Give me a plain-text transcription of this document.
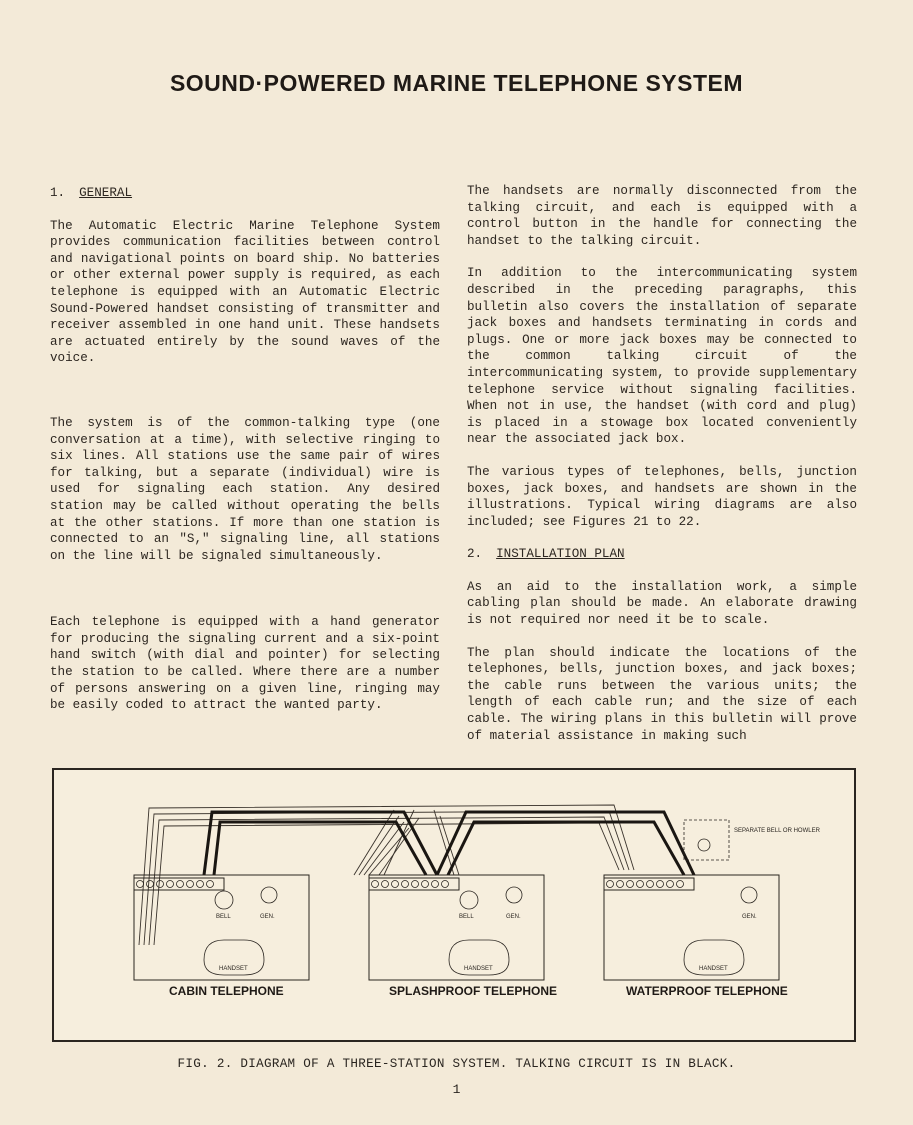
SOUND·POWERED MARINE TELEPHONE SYSTEM

1. GENERAL

The Automatic Electric Marine Telephone System provides communication facilities between control and navigational points on board ship. No batteries or other external power supply is required, as each telephone is equipped with an Automatic Electric Sound-Powered handset consisting of transmitter and receiver assembled in one hand unit. These handsets are actuated entirely by the sound waves of the voice.

The system is of the common-talking type (one conversation at a time), with selective ringing to six lines. All stations use the same pair of wires for talking, but a separate (individual) wire is used for signaling each station. Any desired station may be called without operating the bells at the other stations. If more than one station is connected to an "S," signaling line, all stations on the line will be signaled simultaneously.

Each telephone is equipped with a hand generator for producing the signaling current and a six-point hand switch (with dial and pointer) for selecting the station to be called. Where there are a number of persons answering on a given line, ringing may be easily coded to attract the wanted party.

The handsets are normally disconnected from the talking circuit, and each is equipped with a control button in the handle for connecting the handset to the talking circuit.

In addition to the intercommunicating system described in the preceding paragraphs, this bulletin also covers the installation of separate jack boxes and handsets terminating in cords and plugs. One or more jack boxes may be connected to the common talking circuit of the intercommunicating system, to provide supplementary telephone service without signaling facilities. When not in use, the handset (with cord and plug) is placed in a stowage box located conveniently near the associated jack box.

The various types of telephones, bells, junction boxes, jack boxes, and handsets are shown in the illustrations. Typical wiring diagrams are also included; see Figures 21 to 22.

2. INSTALLATION PLAN

As an aid to the installation work, a simple cabling plan should be made. An elaborate drawing is not required nor need it be to scale.

The plan should indicate the locations of the telephones, bells, junction boxes, and jack boxes; the cable runs between the various units; the length of each cable run; and the size of each cable. The wiring plans in this bulletin will prove of material assistance in making such

BELL	GEN.
HANDSET
CABIN TELEPHONE
BELL	GEN.
HANDSET
SPLASHPROOF TELEPHONE
GEN.
HANDSET
SEPARATE BELL OR HOWLER
WATERPROOF TELEPHONE
FIG. 2. DIAGRAM OF A THREE-STATION SYSTEM. TALKING CIRCUIT IS IN BLACK.
1
